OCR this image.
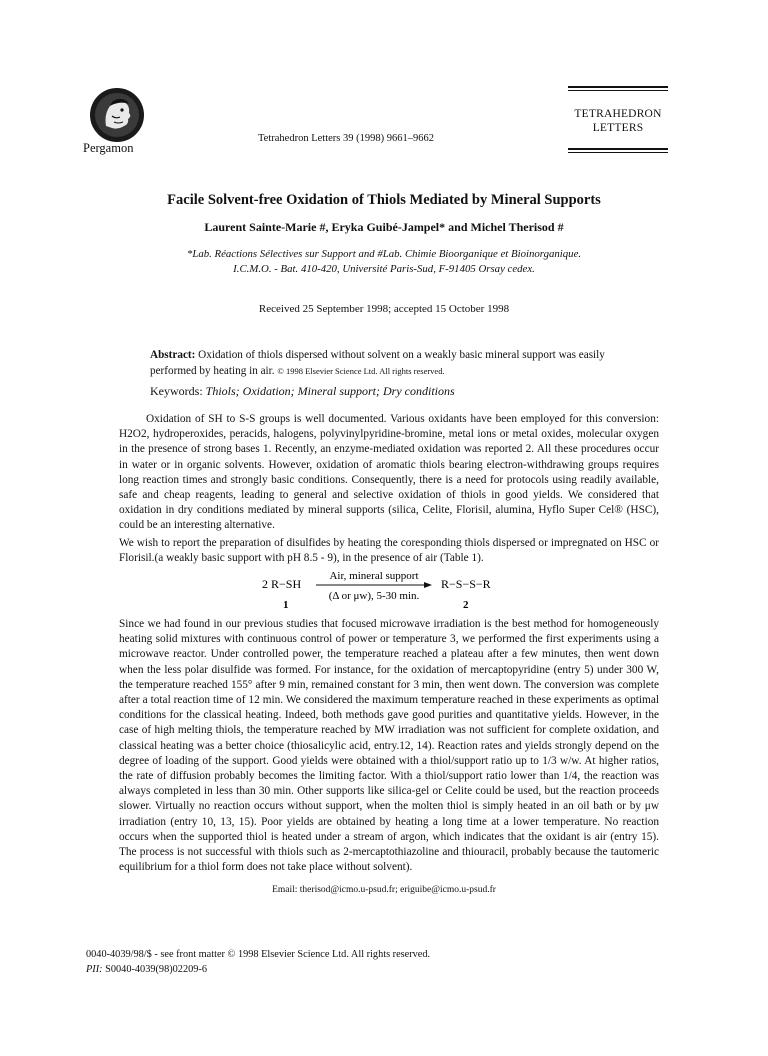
Pergamon
Tetrahedron Letters 39 (1998) 9661–9662
TETRAHEDRON
LETTERS
Facile Solvent-free Oxidation of Thiols Mediated by Mineral Supports
Laurent Sainte-Marie #, Eryka Guibé-Jampel* and Michel Therisod #
*Lab. Réactions Sélectives sur Support and #Lab. Chimie Bioorganique et Bioinorganique.
I.C.M.O. - Bat. 410-420, Université Paris-Sud, F-91405 Orsay cedex.
Received 25 September 1998; accepted 15 October 1998
Abstract: Oxidation of thiols dispersed without solvent on a weakly basic mineral support was easily performed by heating in air. © 1998 Elsevier Science Ltd. All rights reserved.
Keywords: Thiols; Oxidation; Mineral support; Dry conditions
Oxidation of SH to S-S groups is well documented. Various oxidants have been employed for this conversion: H2O2, hydroperoxides, peracids, halogens, polyvinylpyridine-bromine, metal ions or metal oxides, molecular oxygen in the presence of strong bases 1. Recently, an enzyme-mediated oxidation was reported 2. All these procedures occur in water or in organic solvents. However, oxidation of aromatic thiols bearing electron-withdrawing groups requires long reaction times and strongly basic conditions. Consequently, there is a need for protocols using readily available, safe and cheap reagents, leading to general and selective oxidation of thiols in good yields. We considered that oxidation in dry conditions mediated by mineral supports (silica, Celite, Florisil, alumina, Hyflo Super Cel® (HSC), could be an interesting alternative.
We wish to report the preparation of disulfides by heating the coresponding thiols dispersed or impregnated on HSC or Florisil.(a weakly basic support with pH 8.5 - 9), in the presence of air (Table 1).
2 R−SH
1
Air, mineral support
(Δ or μw), 5-30 min.
R−S−S−R
2
Since we had found in our previous studies that focused microwave irradiation is the best method for homogeneously heating solid mixtures with continuous control of power or temperature 3, we performed the first experiments using a microwave reactor. Under controlled power, the temperature reached a plateau after a few minutes, then went down when the less polar disulfide was formed. For instance, for the oxidation of mercaptopyridine (entry 5) under 300 W, the temperature reached 155° after 9 min, remained constant for 3 min, then went down. The conversion was complete after a total reaction time of 12 min. We considered the maximum temperature reached in these experiments as optimal conditions for the classical heating. Indeed, both methods gave good purities and quantitative yields. However, in the case of high melting thiols, the temperature reached by MW irradiation was not sufficient for complete oxidation, and classical heating was a better choice (thiosalicylic acid, entry.12, 14). Reaction rates and yields strongly depend on the degree of loading of the support. Good yields were obtained with a thiol/support ratio up to 1/3 w/w. At higher ratios, the rate of diffusion probably becomes the limiting factor. With a thiol/support ratio lower than 1/4, the reaction was always completed in less than 30 min. Other supports like silica-gel or Celite could be used, but the reaction proceeds slower. Virtually no reaction occurs without support, when the molten thiol is simply heated in an oil bath or by μw irradiation (entry 10, 13, 15). Poor yields are obtained by heating a long time at a lower temperature. No reaction occurs when the supported thiol is heated under a stream of argon, which indicates that the oxidant is air (entry 15). The process is not successful with thiols such as 2-mercaptothiazoline and thiouracil, probably because the tautomeric equilibrium for a thiol form does not take place without solvent).
Email: therisod@icmo.u-psud.fr; eriguibe@icmo.u-psud.fr
0040-4039/98/$ - see front matter © 1998 Elsevier Science Ltd. All rights reserved.
PII: S0040-4039(98)02209-6
